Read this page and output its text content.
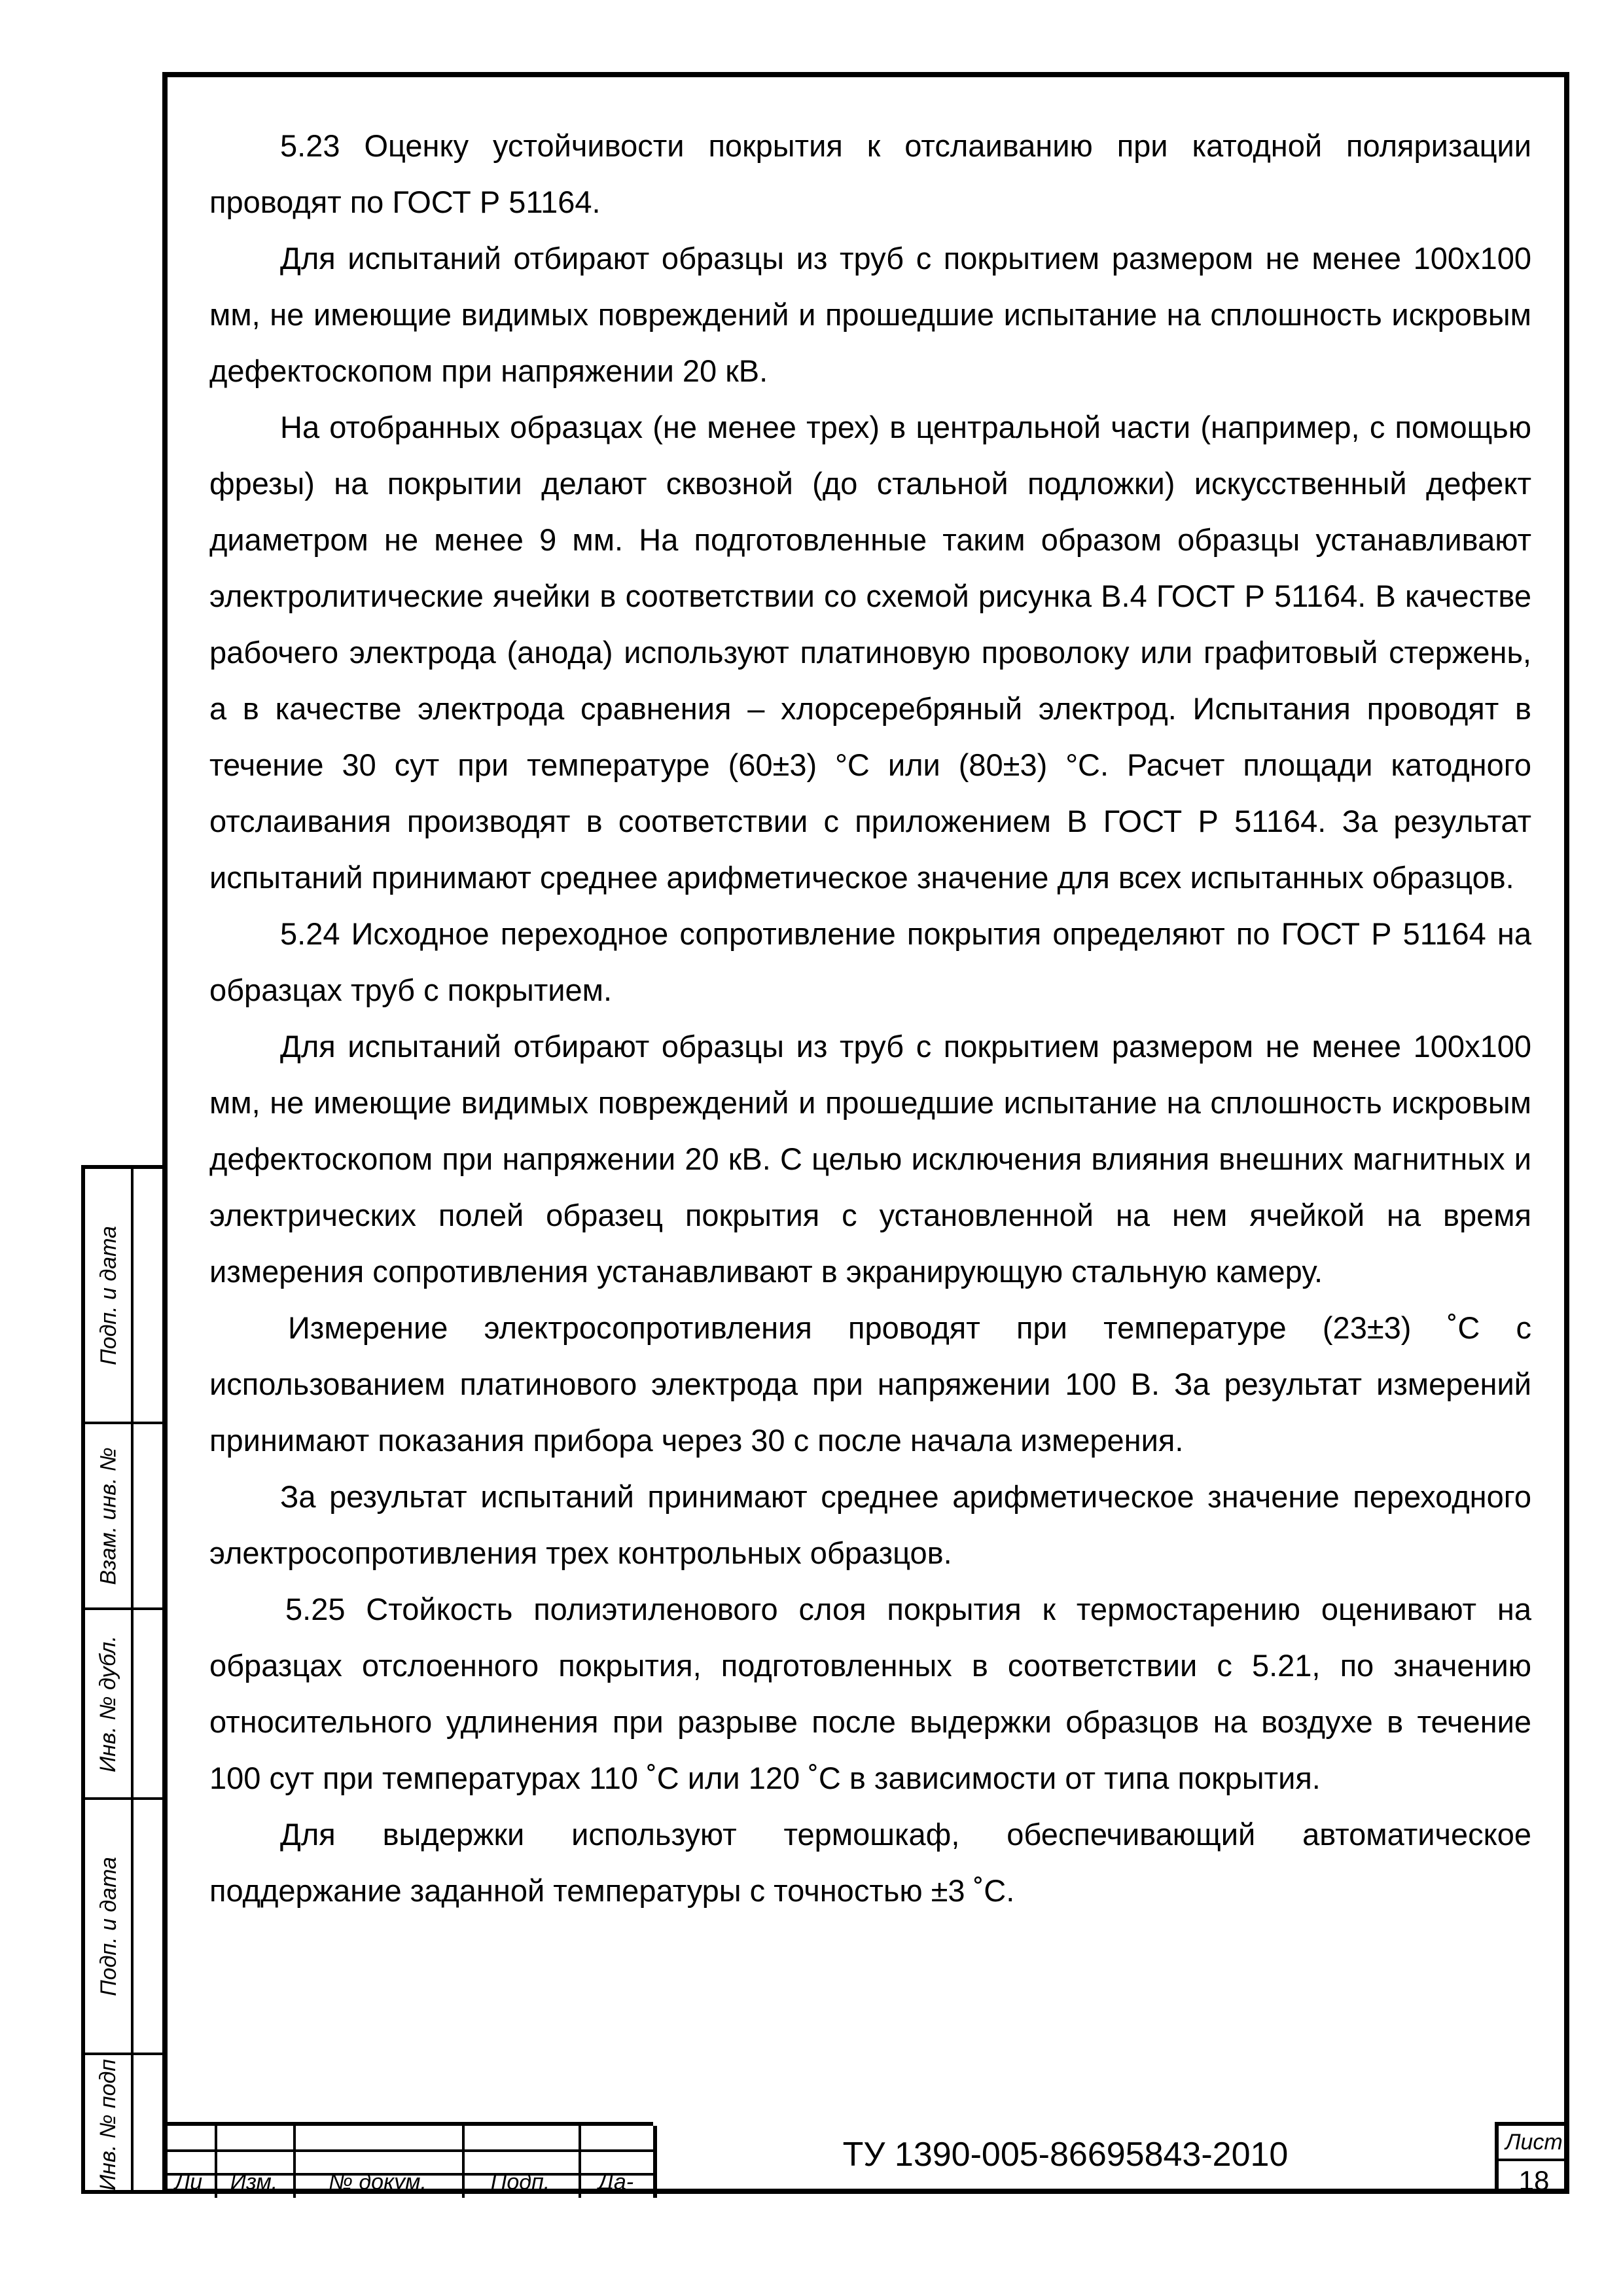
5.23 Оценку устойчивости покрытия к отслаиванию при катодной поляризации проводят по ГОСТ Р 51164.

Для испытаний отбирают образцы из труб с покрытием размером не менее 100х100 мм, не имеющие видимых повреждений и прошедшие испытание на сплошность искровым дефектоскопом при напряжении 20 кВ.

На отобранных образцах (не менее трех) в центральной части (например, с помощью фрезы) на покрытии делают сквозной (до стальной подложки) искусственный дефект диаметром не менее 9 мм. На подготовленные таким образом образцы устанавливают электролитические ячейки в соответствии со схемой рисунка В.4 ГОСТ Р 51164. В качестве рабочего электрода (анода) используют платиновую проволоку или графитовый стержень, а в качестве электрода сравнения – хлорсеребряный электрод. Испытания проводят в течение 30 сут при температуре (60±3) °С или (80±3) °С. Расчет площади катодного отслаивания производят в соответствии с приложением В ГОСТ Р 51164. За результат испытаний принимают среднее арифметическое значение для всех испытанных образцов.

5.24 Исходное переходное сопротивление покрытия определяют по ГОСТ Р 51164 на образцах труб с покрытием.

Для испытаний отбирают образцы из труб с покрытием размером не менее 100х100 мм, не имеющие видимых повреждений и прошедшие испытание на сплошность искровым дефектоскопом при напряжении 20 кВ. С целью исключения влияния внешних магнитных и электрических полей образец покрытия с установленной на нем ячейкой на время измерения сопротивления устанавливают в экранирующую стальную камеру.

Измерение электросопротивления проводят при температуре (23±3) ˚С с использованием платинового электрода при напряжении 100 В. За результат измерений принимают показания прибора через 30 с после начала измерения.

За результат испытаний принимают среднее арифметическое значение переходного электросопротивления трех контрольных образцов.

5.25 Стойкость полиэтиленового слоя покрытия к термостарению оценивают на образцах отслоенного покрытия, подготовленных в соответствии с 5.21, по значению относительного удлинения при разрыве после выдержки образцов на воздухе в течение 100 сут при температурах 110 ˚С или 120 ˚С в зависимости от типа покрытия.

Для выдержки используют термошкаф, обеспечивающий автоматическое поддержание заданной температуры с точностью ±3 ˚С.

Подп. и дата
Взам. инв. №
Инв. № дубл.
Подп. и дата
Инв. № подп	Ли	Изм.	№ докум.	Подп.	Да-
ТУ 1390-005-86695843-2010	Лист
18
